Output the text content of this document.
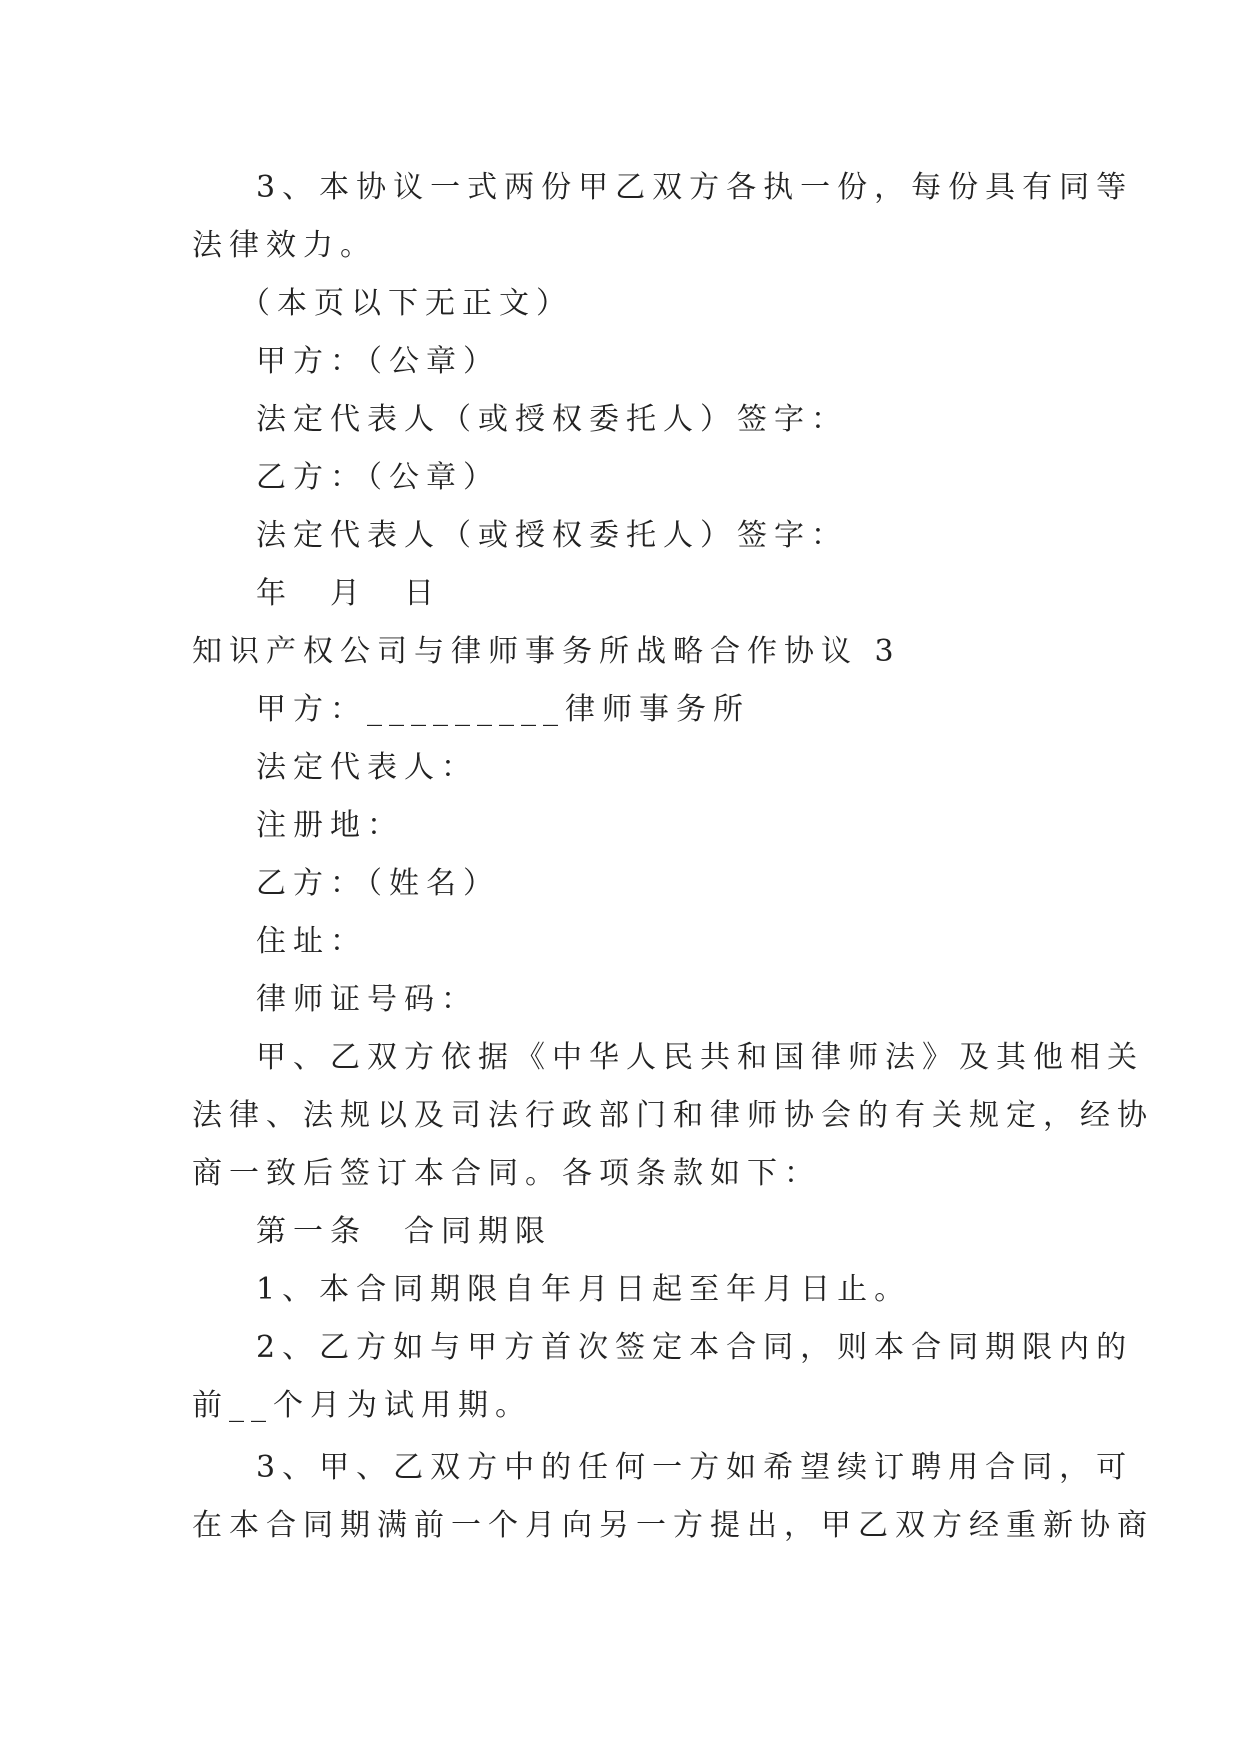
3、本协议一式两份甲乙双方各执一份，每份具有同等
法律效力。
（本页以下无正文）
甲方：（公章）
法定代表人（或授权委托人）签字：
乙方：（公章）
法定代表人（或授权委托人）签字：
年　月　日
知识产权公司与律师事务所战略合作协议 3
甲方：_________律师事务所
法定代表人：
注册地：
乙方：（姓名）
住址：
律师证号码：
甲、乙双方依据《中华人民共和国律师法》及其他相关
法律、法规以及司法行政部门和律师协会的有关规定，经协
商一致后签订本合同。各项条款如下：
第一条　合同期限
1、本合同期限自年月日起至年月日止。
2、乙方如与甲方首次签定本合同，则本合同期限内的
前__个月为试用期。
3、甲、乙双方中的任何一方如希望续订聘用合同，可
在本合同期满前一个月向另一方提出，甲乙双方经重新协商
